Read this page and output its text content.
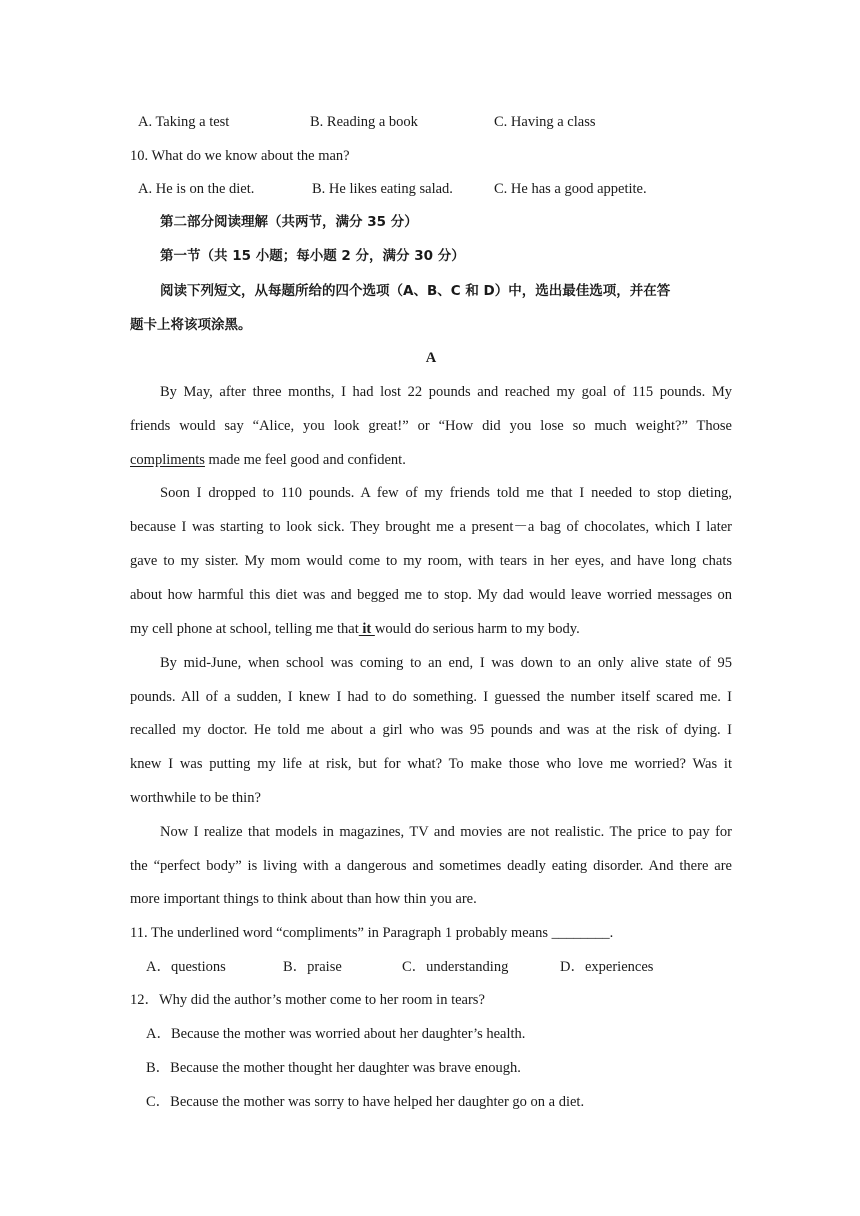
A. Taking a test	B. Reading a book	C. Having a class
10. What do we know about the man?
A. He is on the diet.	B. He likes eating salad.	C. He has a good appetite.
第二部分阅读理解（共两节，满分 35 分）
第一节（共 15 小题；每小题 2 分，满分 30 分）
阅读下列短文，从每题所给的四个选项（A、B、C 和 D）中，选出最佳选项，并在答
题卡上将该项涂黑。
A
By May, after three months, I had lost 22 pounds and reached my goal of 115 pounds. My
friends would say “Alice, you look great!” or “How did you lose so much weight?” Those
compliments made me feel good and confident.
Soon I dropped to 110 pounds. A few of my friends told me that I needed to stop dieting,
because I was starting to look sick. They brought me a present－a bag of chocolates, which I later
gave to my sister. My mom would come to my room, with tears in her eyes, and have long chats
about how harmful this diet was and begged me to stop. My dad would leave worried messages on
my cell phone at school, telling me that it would do serious harm to my body.
By mid-June, when school was coming to an end, I was down to an only alive state of 95
pounds. All of a sudden, I knew I had to do something. I guessed the number itself scared me. I
recalled my doctor. He told me about a girl who was 95 pounds and was at the risk of dying. I
knew I was putting my life at risk, but for what? To make those who love me worried? Was it
worthwhile to be thin?
Now I realize that models in magazines, TV and movies are not realistic. The price to pay for
the “perfect body” is living with a dangerous and sometimes deadly eating disorder. And there are
more important things to think about than how thin you are.
11. The underlined word “compliments” in Paragraph 1 probably means ________.
A．questions	B．praise	C．understanding	D．experiences
12．Why did the author’s mother come to her room in tears?
A．Because the mother was worried about her daughter’s health.
B．Because the mother thought her daughter was brave enough.
C．Because the mother was sorry to have helped her daughter go on a diet.
